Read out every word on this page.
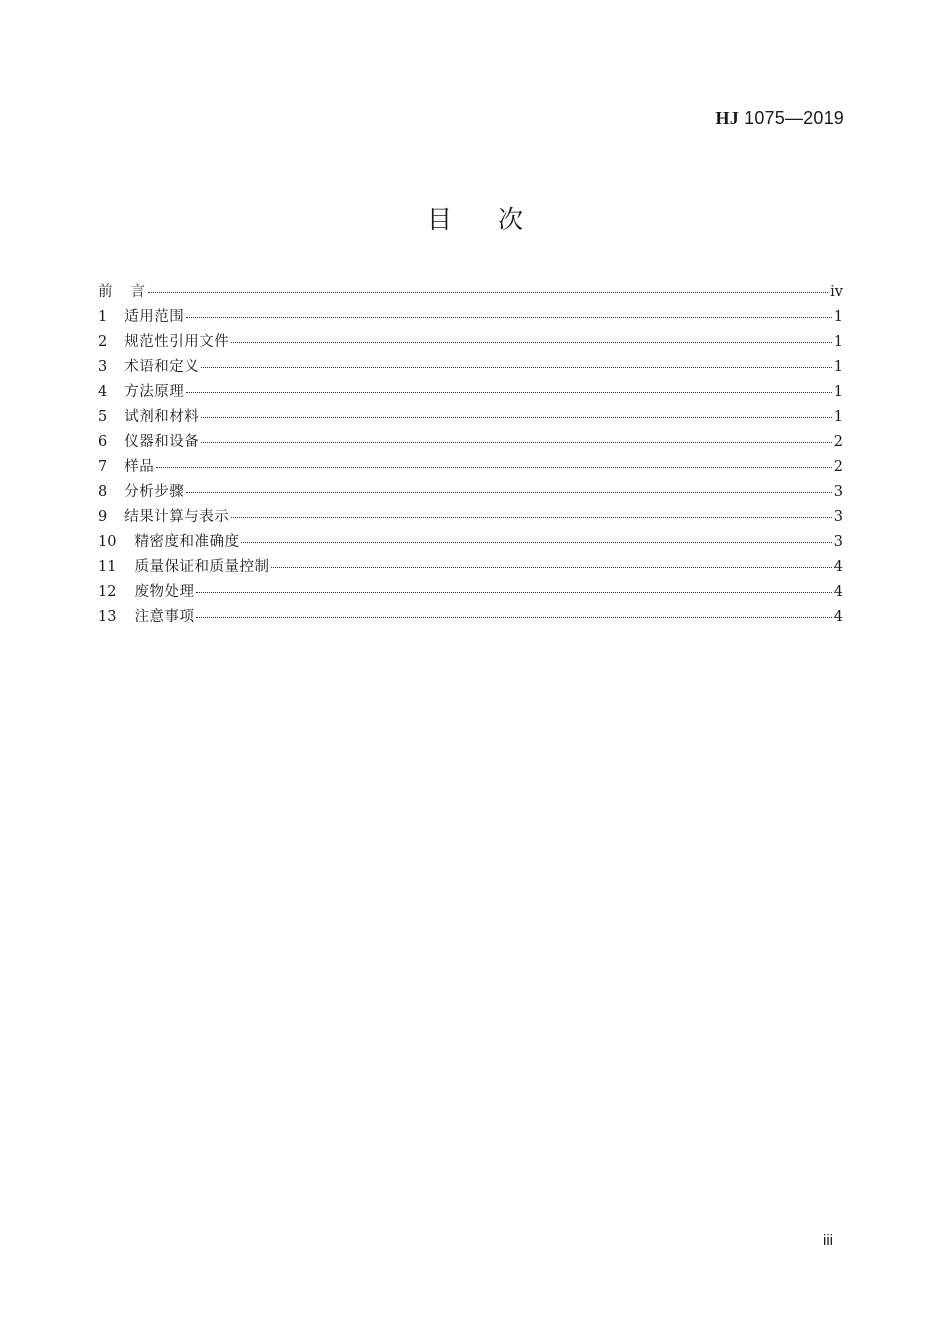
HJ 1075—2019
目次
前 言	iv
1 适用范围	1
2 规范性引用文件	1
3 术语和定义	1
4 方法原理	1
5 试剂和材料	1
6 仪器和设备	2
7 样品	2
8 分析步骤	3
9 结果计算与表示	3
10 精密度和准确度	3
11 质量保证和质量控制	4
12 废物处理	4
13 注意事项	4
iii
